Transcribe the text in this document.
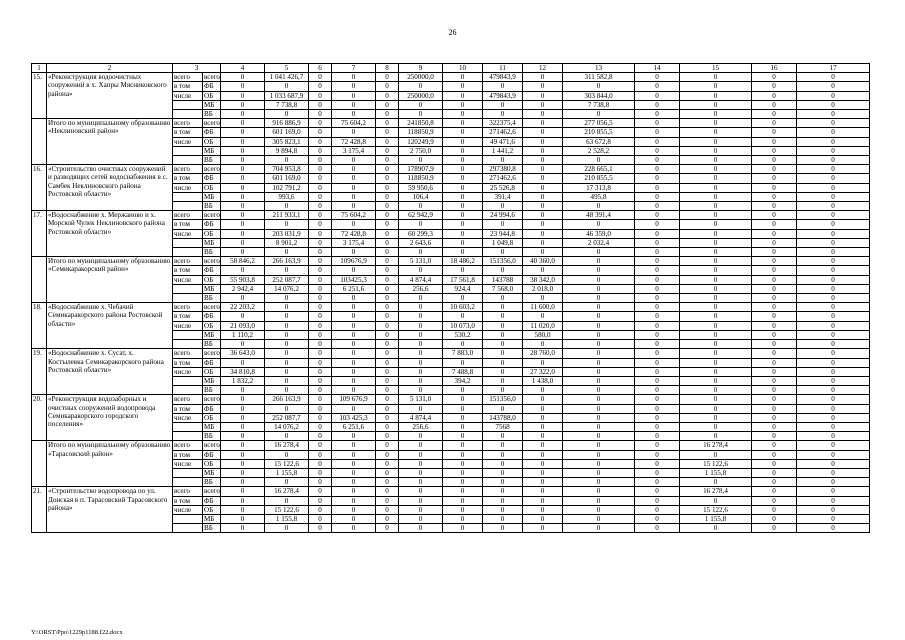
26
1	2	3		4	5	6	7	8	9	10	11	12	13	14	15	16	17
15.	«Реконструкция водоочистных сооружений в х. Хапры Мясниковского района»	всего	всего	0	1 041 426,7	0	0	0	250000,0	0	479843,9	0	311 582,8	0	0	0	0
		в том	ФБ	0	0	0	0	0	0	0	0	0	0	0	0	0	0
		числе	ОБ	0	1 033 687,9	0	0	0	250000,0	0	479843,9	0	303 844,0	0	0	0	0
			МБ	0	7 738,8	0	0	0	0	0	0	0	7 738,8	0	0	0	0
			ВБ	0	0	0	0	0	0	0	0	0	0	0	0	0	0
	Итого по муниципальному образованию «Неклиновский район»	всего	всего	0	916 886,9	0	75 604,2	0	241850,8	0	322375,4	0	277 056,5	0	0	0	0
		в том	ФБ	0	601 169,0	0	0	0	118850,9	0	271462,6	0	210 855,5	0	0	0	0
		числе	ОБ	0	305 823,1	0	72 428,8	0	120249,9	0	49 471,6	0	63 672,8	0	0	0	0
			МБ	0	9 894,8	0	3 175,4	0	2 750,0	0	1 441,2	0	2 528,2	0	0	0	0
			ВБ	0	0	0	0	0	0	0	0	0	0	0	0	0	0
16.	«Строительство очистных сооружений и разводящих сетей водоснабжения в с. Самбек Неклиновского района Ростовской области»	всего	всего	0	704 953,8	0	0	0	178907,9	0	297380,8	0	228 665,1	0	0	0	0
		в том	ФБ	0	601 169,0	0	0	0	118850,9	0	271462,6	0	210 855,5	0	0	0	0
		числе	ОБ	0	102 791,2	0	0	0	59 950,6	0	25 526,8	0	17 313,8	0	0	0	0
			МБ	0	993,6	0	0	0	106,4	0	391,4	0	495,8	0	0	0	0
			ВБ	0	0	0	0	0	0	0	0	0	0	0	0	0	0
17.	«Водоснабжение х. Мержаново и х. Морской Чулек Неклиновского района Ростовской области»	всего	всего	0	211 933,1	0	75 604,2	0	62 942,9	0	24 994,6	0	48 391,4	0	0	0	0
		в том	ФБ	0	0	0	0	0	0	0	0	0	0	0	0	0	0
		числе	ОБ	0	203 031,9	0	72 428,8	0	60 299,3	0	23 944,8	0	46 359,0	0	0	0	0
			МБ	0	8 901,2	0	3 175,4	0	2 643,6	0	1 049,8	0	2 032,4	0	0	0	0
			ВБ	0	0	0	0	0	0	0	0	0	0	0	0	0	0
	Итого по муниципальному образованию «Семикаракорский район»	всего	всего	58 846,2	266 163,9	0	109676,9	0	5 131,0	18 486,2	151356,0	40 360,0	0	0	0	0	0
		в том	ФБ	0	0	0	0	0	0	0	0	0	0	0	0	0	0
		числе	ОБ	55 903,8	252 087,7	0	103425,3	0	4 874,4	17 561,8	143788	38 342,0	0	0	0	0	0
			МБ	2 942,4	14 076,2	0	6 251,6	0	256,6	924,4	7 568,0	2 018,0	0	0	0	0	0
			ВБ	0	0	0	0	0	0	0	0	0	0	0	0	0	0
18.	«Водоснабжение х. Чебачий Семикаракорского района Ростовской области»	всего	всего	22 203,2	0	0	0	0	0	10 603,2	0	11 600,0	0	0	0	0	0
		в том	ФБ	0	0	0	0	0	0	0	0	0	0	0	0	0	0
		числе	ОБ	21 093,0	0	0	0	0	0	10 073,0	0	11 020,0	0	0	0	0	0
			МБ	1 110,2	0	0	0	0	0	530,2	0	580,0	0	0	0	0	0
			ВБ	0	0	0	0	0	0	0	0	0	0	0	0	0	0
19.	«Водоснабжение х. Сусат, х. Костылевка Семикаракорского района Ростовской области»	всего	всего	36 643,0	0	0	0	0	0	7 883,0	0	28 760,0	0	0	0	0	0
		в том	ФБ	0	0	0	0	0	0	0	0	0	0	0	0	0	0
		числе	ОБ	34 810,8	0	0	0	0	0	7 488,8	0	27 322,0	0	0	0	0	0
			МБ	1 832,2	0	0	0	0	0	394,2	0	1 438,0	0	0	0	0	0
			ВБ	0	0	0	0	0	0	0	0	0	0	0	0	0	0
20.	«Реконструкция водозаборных и очистных сооружений водопровода Семикаракорского городского поселения»	всего	всего	0	266 163,9	0	109 676,9	0	5 131,0	0	151356,0	0	0	0	0	0	0
		в том	ФБ	0	0	0	0	0	0	0	0	0	0	0	0	0	0
		числе	ОБ	0	252 087,7	0	103 425,3	0	4 874,4	0	143788,0	0	0	0	0	0	0
			МБ	0	14 076,2	0	6 251,6	0	256,6	0	7568	0	0	0	0	0	0
			ВБ	0	0	0	0	0	0	0	0	0	0	0	0	0	0
	Итого по муниципальному образованию «Тарасовский район»	всего	всего	0	16 278,4	0	0	0	0	0	0	0	0	0	16 278,4	0	0
		в том	ФБ	0	0	0	0	0	0	0	0	0	0	0	0	0	0
		числе	ОБ	0	15 122,6	0	0	0	0	0	0	0	0	0	15 122,6	0	0
			МБ	0	1 155,8	0	0	0	0	0	0	0	0	0	1 155,8	0	0
			ВБ	0	0	0	0	0	0	0	0	0	0	0	0	0	0
21.	«Строительство водопровода по ул. Донская в п. Тарасовский Тарасовского района»	всего	всего	0	16 278,4	0	0	0	0	0	0	0	0	0	16 278,4	0	0
		в том	ФБ	0	0	0	0	0	0	0	0	0	0	0	0	0	0
		числе	ОБ	0	15 122,6	0	0	0	0	0	0	0	0	0	15 122,6	0	0
			МБ	0	1 155,8	0	0	0	0	0	0	0	0	0	1 155,8	0	0
			ВБ	0	0	0	0	0	0	0	0	0	0	0	0	0	0
Y:\ORST\Ppo\1229p1188.f22.docx
